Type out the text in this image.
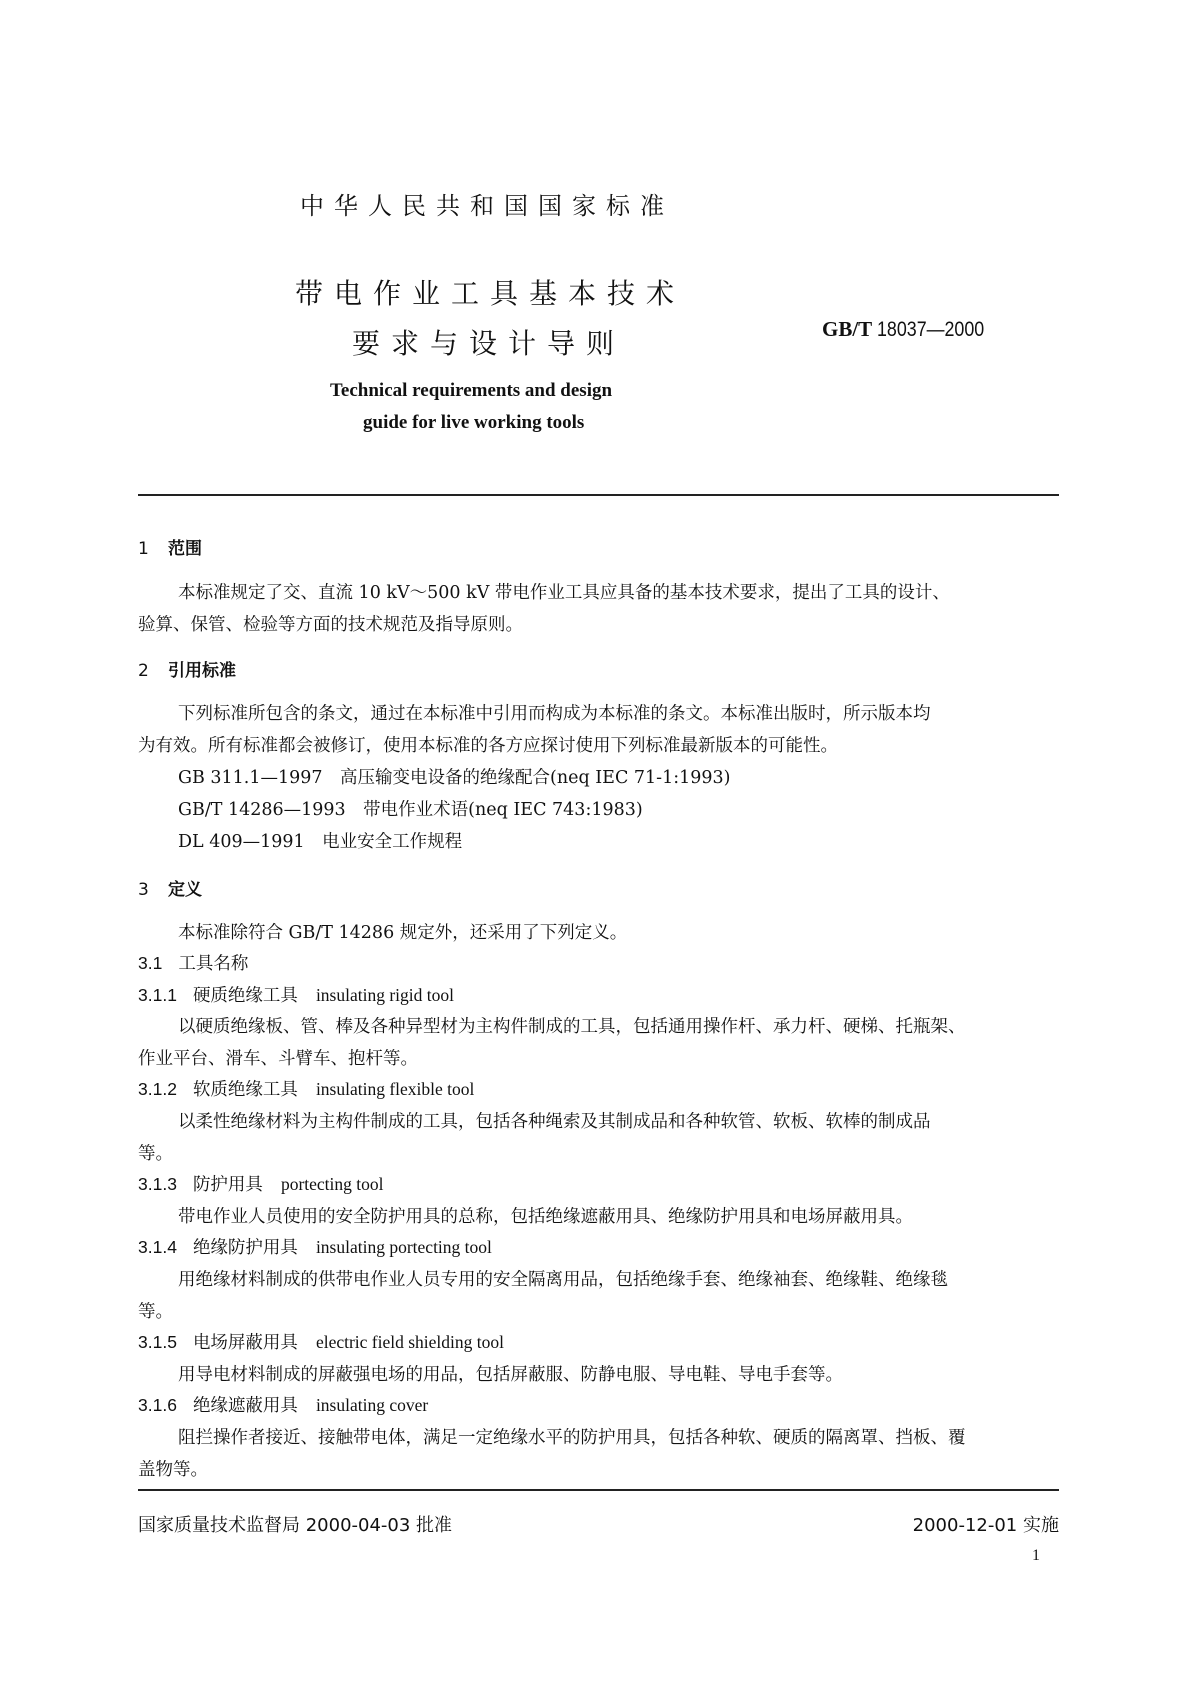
中华人民共和国国家标准
带电作业工具基本技术
要求与设计导则	GB/T 18037—2000
Technical requirements and design
guide for live working tools
1 范围
本标准规定了交、直流 10 kV～500 kV 带电作业工具应具备的基本技术要求，提出了工具的设计、
验算、保管、检验等方面的技术规范及指导原则。
2 引用标准
下列标准所包含的条文，通过在本标准中引用而构成为本标准的条文。本标准出版时，所示版本均
为有效。所有标准都会被修订，使用本标准的各方应探讨使用下列标准最新版本的可能性。
GB 311.1—1997　高压输变电设备的绝缘配合(neq IEC 71-1:1993)
GB/T 14286—1993　带电作业术语(neq IEC 743:1983)
DL 409—1991　电业安全工作规程
3 定义
本标准除符合 GB/T 14286 规定外，还采用了下列定义。
3.1 工具名称
3.1.1 硬质绝缘工具 insulating rigid tool
以硬质绝缘板、管、棒及各种异型材为主构件制成的工具，包括通用操作杆、承力杆、硬梯、托瓶架、
作业平台、滑车、斗臂车、抱杆等。
3.1.2 软质绝缘工具 insulating flexible tool
以柔性绝缘材料为主构件制成的工具，包括各种绳索及其制成品和各种软管、软板、软棒的制成品
等。
3.1.3 防护用具 portecting tool
带电作业人员使用的安全防护用具的总称，包括绝缘遮蔽用具、绝缘防护用具和电场屏蔽用具。
3.1.4 绝缘防护用具 insulating portecting tool
用绝缘材料制成的供带电作业人员专用的安全隔离用品，包括绝缘手套、绝缘袖套、绝缘鞋、绝缘毯
等。
3.1.5 电场屏蔽用具 electric field shielding tool
用导电材料制成的屏蔽强电场的用品，包括屏蔽服、防静电服、导电鞋、导电手套等。
3.1.6 绝缘遮蔽用具 insulating cover
阻拦操作者接近、接触带电体，满足一定绝缘水平的防护用具，包括各种软、硬质的隔离罩、挡板、覆
盖物等。
国家质量技术监督局 2000-04-03 批准	2000-12-01 实施
1
